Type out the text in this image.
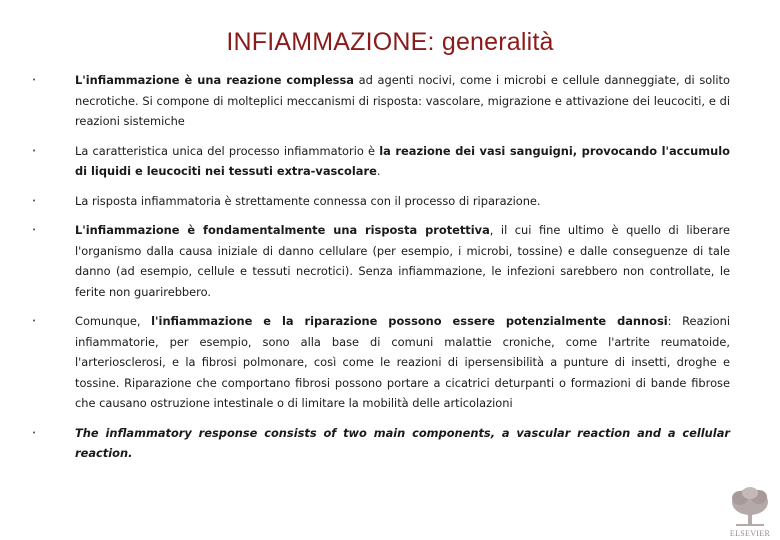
INFIAMMAZIONE: generalità
• L'infiammazione è una reazione complessa ad agenti nocivi, come i microbi e cellule danneggiate, di solito necrotiche. Si compone di molteplici meccanismi di risposta: vascolare, migrazione e attivazione dei leucociti, e di reazioni sistemiche
• La caratteristica unica del processo infiammatorio è la reazione dei vasi sanguigni, provocando l'accumulo di liquidi e leucociti nei tessuti extra-vascolare.
• La risposta infiammatoria è strettamente connessa con il processo di riparazione.
• L'infiammazione è fondamentalmente una risposta protettiva, il cui fine ultimo è quello di liberare l'organismo dalla causa iniziale di danno cellulare (per esempio, i microbi, tossine) e dalle conseguenze di tale danno (ad esempio, cellule e tessuti necrotici). Senza infiammazione, le infezioni sarebbero non controllate, le ferite non guarirebbero.
• Comunque, l'infiammazione e la riparazione possono essere potenzialmente dannosi: Reazioni infiammatorie, per esempio, sono alla base di comuni malattie croniche, come l'artrite reumatoide, l'arteriosclerosi, e la fibrosi polmonare, così come le reazioni di ipersensibilità a punture di insetti, droghe e tossine. Riparazione che comportano fibrosi possono portare a cicatrici deturpanti o formazioni di bande fibrose che causano ostruzione intestinale o di limitare la mobilità delle articolazioni
• The inflammatory response consists of two main components, a vascular reaction and a cellular reaction.
ELSEVIER
